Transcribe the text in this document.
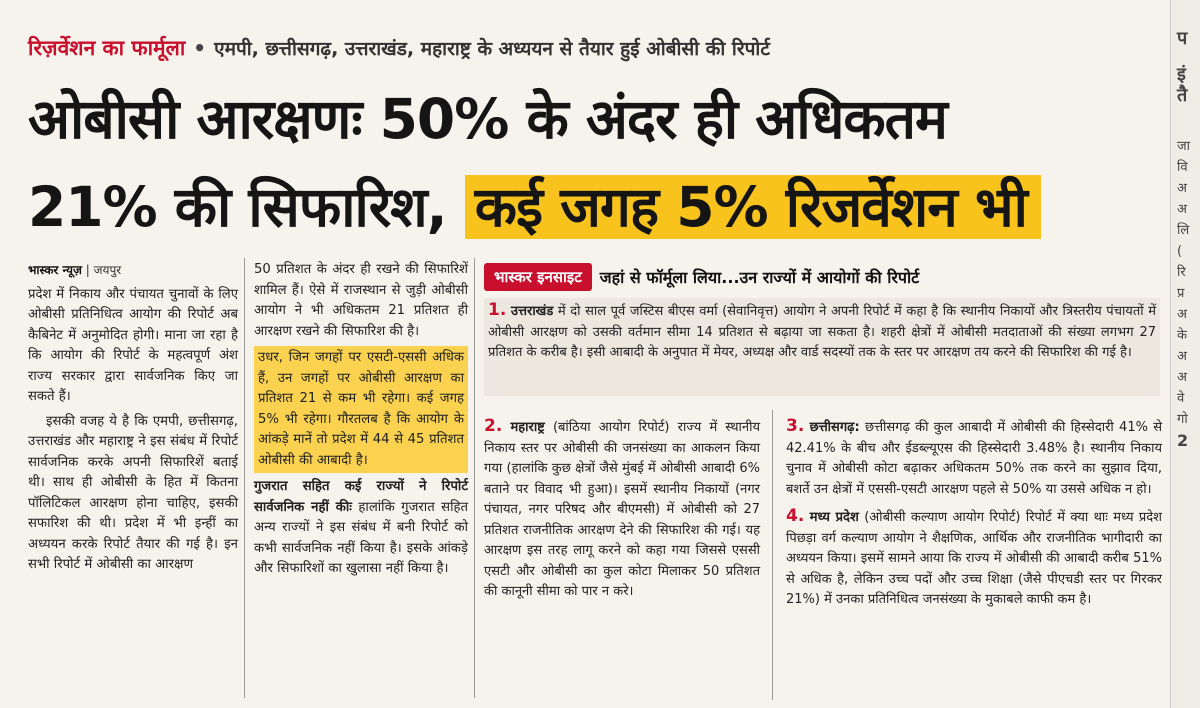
रिज़र्वेशन का फार्मूला • एमपी, छत्तीसगढ़, उत्तराखंड, महाराष्ट्र के अध्ययन से तैयार हुई ओबीसी की रिपोर्ट
ओबीसी आरक्षणः 50% के अंदर ही अधिकतम
21% की सिफारिश, कई जगह 5% रिजर्वेशन भी
भास्कर न्यूज़ | जयपुर

प्रदेश में निकाय और पंचायत चुनावों के लिए ओबीसी प्रतिनिधित्व आयोग की रिपोर्ट अब कैबिनेट में अनुमोदित होगी। माना जा रहा है कि आयोग की रिपोर्ट के महत्वपूर्ण अंश राज्य सरकार द्वारा सार्वजनिक किए जा सकते हैं।

इसकी वजह ये है कि एमपी, छत्तीसगढ़, उत्तराखंड और महाराष्ट्र ने इस संबंध में रिपोर्ट सार्वजनिक करके अपनी सिफारिशें बताई थी। साथ ही ओबीसी के हित में कितना पॉलिटिकल आरक्षण होना चाहिए, इसकी सफारिश की थी। प्रदेश में भी इन्हीं का अध्ययन करके रिपोर्ट तैयार की गई है। इन सभी रिपोर्ट में ओबीसी का आरक्षण

50 प्रतिशत के अंदर ही रखने की सिफारिशें शामिल हैं। ऐसे में राजस्थान से जुड़ी ओबीसी आयोग ने भी अधिकतम 21 प्रतिशत ही आरक्षण रखने की सिफारिश की है।

उधर, जिन जगहों पर एसटी-एससी अधिक हैं, उन जगहों पर ओबीसी आरक्षण का प्रतिशत 21 से कम भी रहेगा। कई जगह 5% भी रहेगा। गौरतलब है कि आयोग के आंकड़े मानें तो प्रदेश में 44 से 45 प्रतिशत ओबीसी की आबादी है।

गुजरात सहित कई राज्यों ने रिपोर्ट सार्वजनिक नहीं कीः हालांकि गुजरात सहित अन्य राज्यों ने इस संबंध में बनी रिपोर्ट को कभी सार्वजनिक नहीं किया है। इसके आंकड़े और सिफारिशों का खुलासा नहीं किया है।

भास्कर इनसाइट	जहां से फॉर्मूला लिया...उन राज्यों में आयोगों की रिपोर्ट
1. उत्तराखंड में दो साल पूर्व जस्टिस बीएस वर्मा (सेवानिवृत्त) आयोग ने अपनी रिपोर्ट में कहा है कि स्थानीय निकायों और त्रिस्तरीय पंचायतों में ओबीसी आरक्षण को उसकी वर्तमान सीमा 14 प्रतिशत से बढ़ाया जा सकता है। शहरी क्षेत्रों में ओबीसी मतदाताओं की संख्या लगभग 27 प्रतिशत के करीब है। इसी आबादी के अनुपात में मेयर, अध्यक्ष और वार्ड सदस्यों तक के स्तर पर आरक्षण तय करने की सिफारिश की गई है।
2. महाराष्ट्र (बांठिया आयोग रिपोर्ट) राज्य में स्थानीय निकाय स्तर पर ओबीसी की जनसंख्या का आकलन किया गया (हालांकि कुछ क्षेत्रों जैसे मुंबई में ओबीसी आबादी 6% बताने पर विवाद भी हुआ)। इसमें स्थानीय निकायों (नगर पंचायत, नगर परिषद और बीएमसी) में ओबीसी को 27 प्रतिशत राजनीतिक आरक्षण देने की सिफारिश की गई। यह आरक्षण इस तरह लागू करने को कहा गया जिससे एससी एसटी और ओबीसी का कुल कोटा मिलाकर 50 प्रतिशत की कानूनी सीमा को पार न करे।
3. छत्तीसगढ़: छत्तीसगढ़ की कुल आबादी में ओबीसी की हिस्सेदारी 41% से 42.41% के बीच और ईडब्ल्यूएस की हिस्सेदारी 3.48% है। स्थानीय निकाय चुनाव में ओबीसी कोटा बढ़ाकर अधिकतम 50% तक करने का सुझाव दिया, बशर्ते उन क्षेत्रों में एससी-एसटी आरक्षण पहले से 50% या उससे अधिक न हो।
4. मध्य प्रदेश (ओबीसी कल्याण आयोग रिपोर्ट) रिपोर्ट में क्या थाः मध्य प्रदेश पिछड़ा वर्ग कल्याण आयोग ने शैक्षणिक, आर्थिक और राजनीतिक भागीदारी का अध्ययन किया। इसमें सामने आया कि राज्य में ओबीसी की आबादी करीब 51% से अधिक है, लेकिन उच्च पदों और उच्च शिक्षा (जैसे पीएचडी स्तर पर गिरकर 21%) में उनका प्रतिनिधित्व जनसंख्या के मुकाबले काफी कम है।
प
इं
तै
जा
वि
अ
अ
लि
(
रि
प्र
अ
के
अ
अ
वे
गो
2
